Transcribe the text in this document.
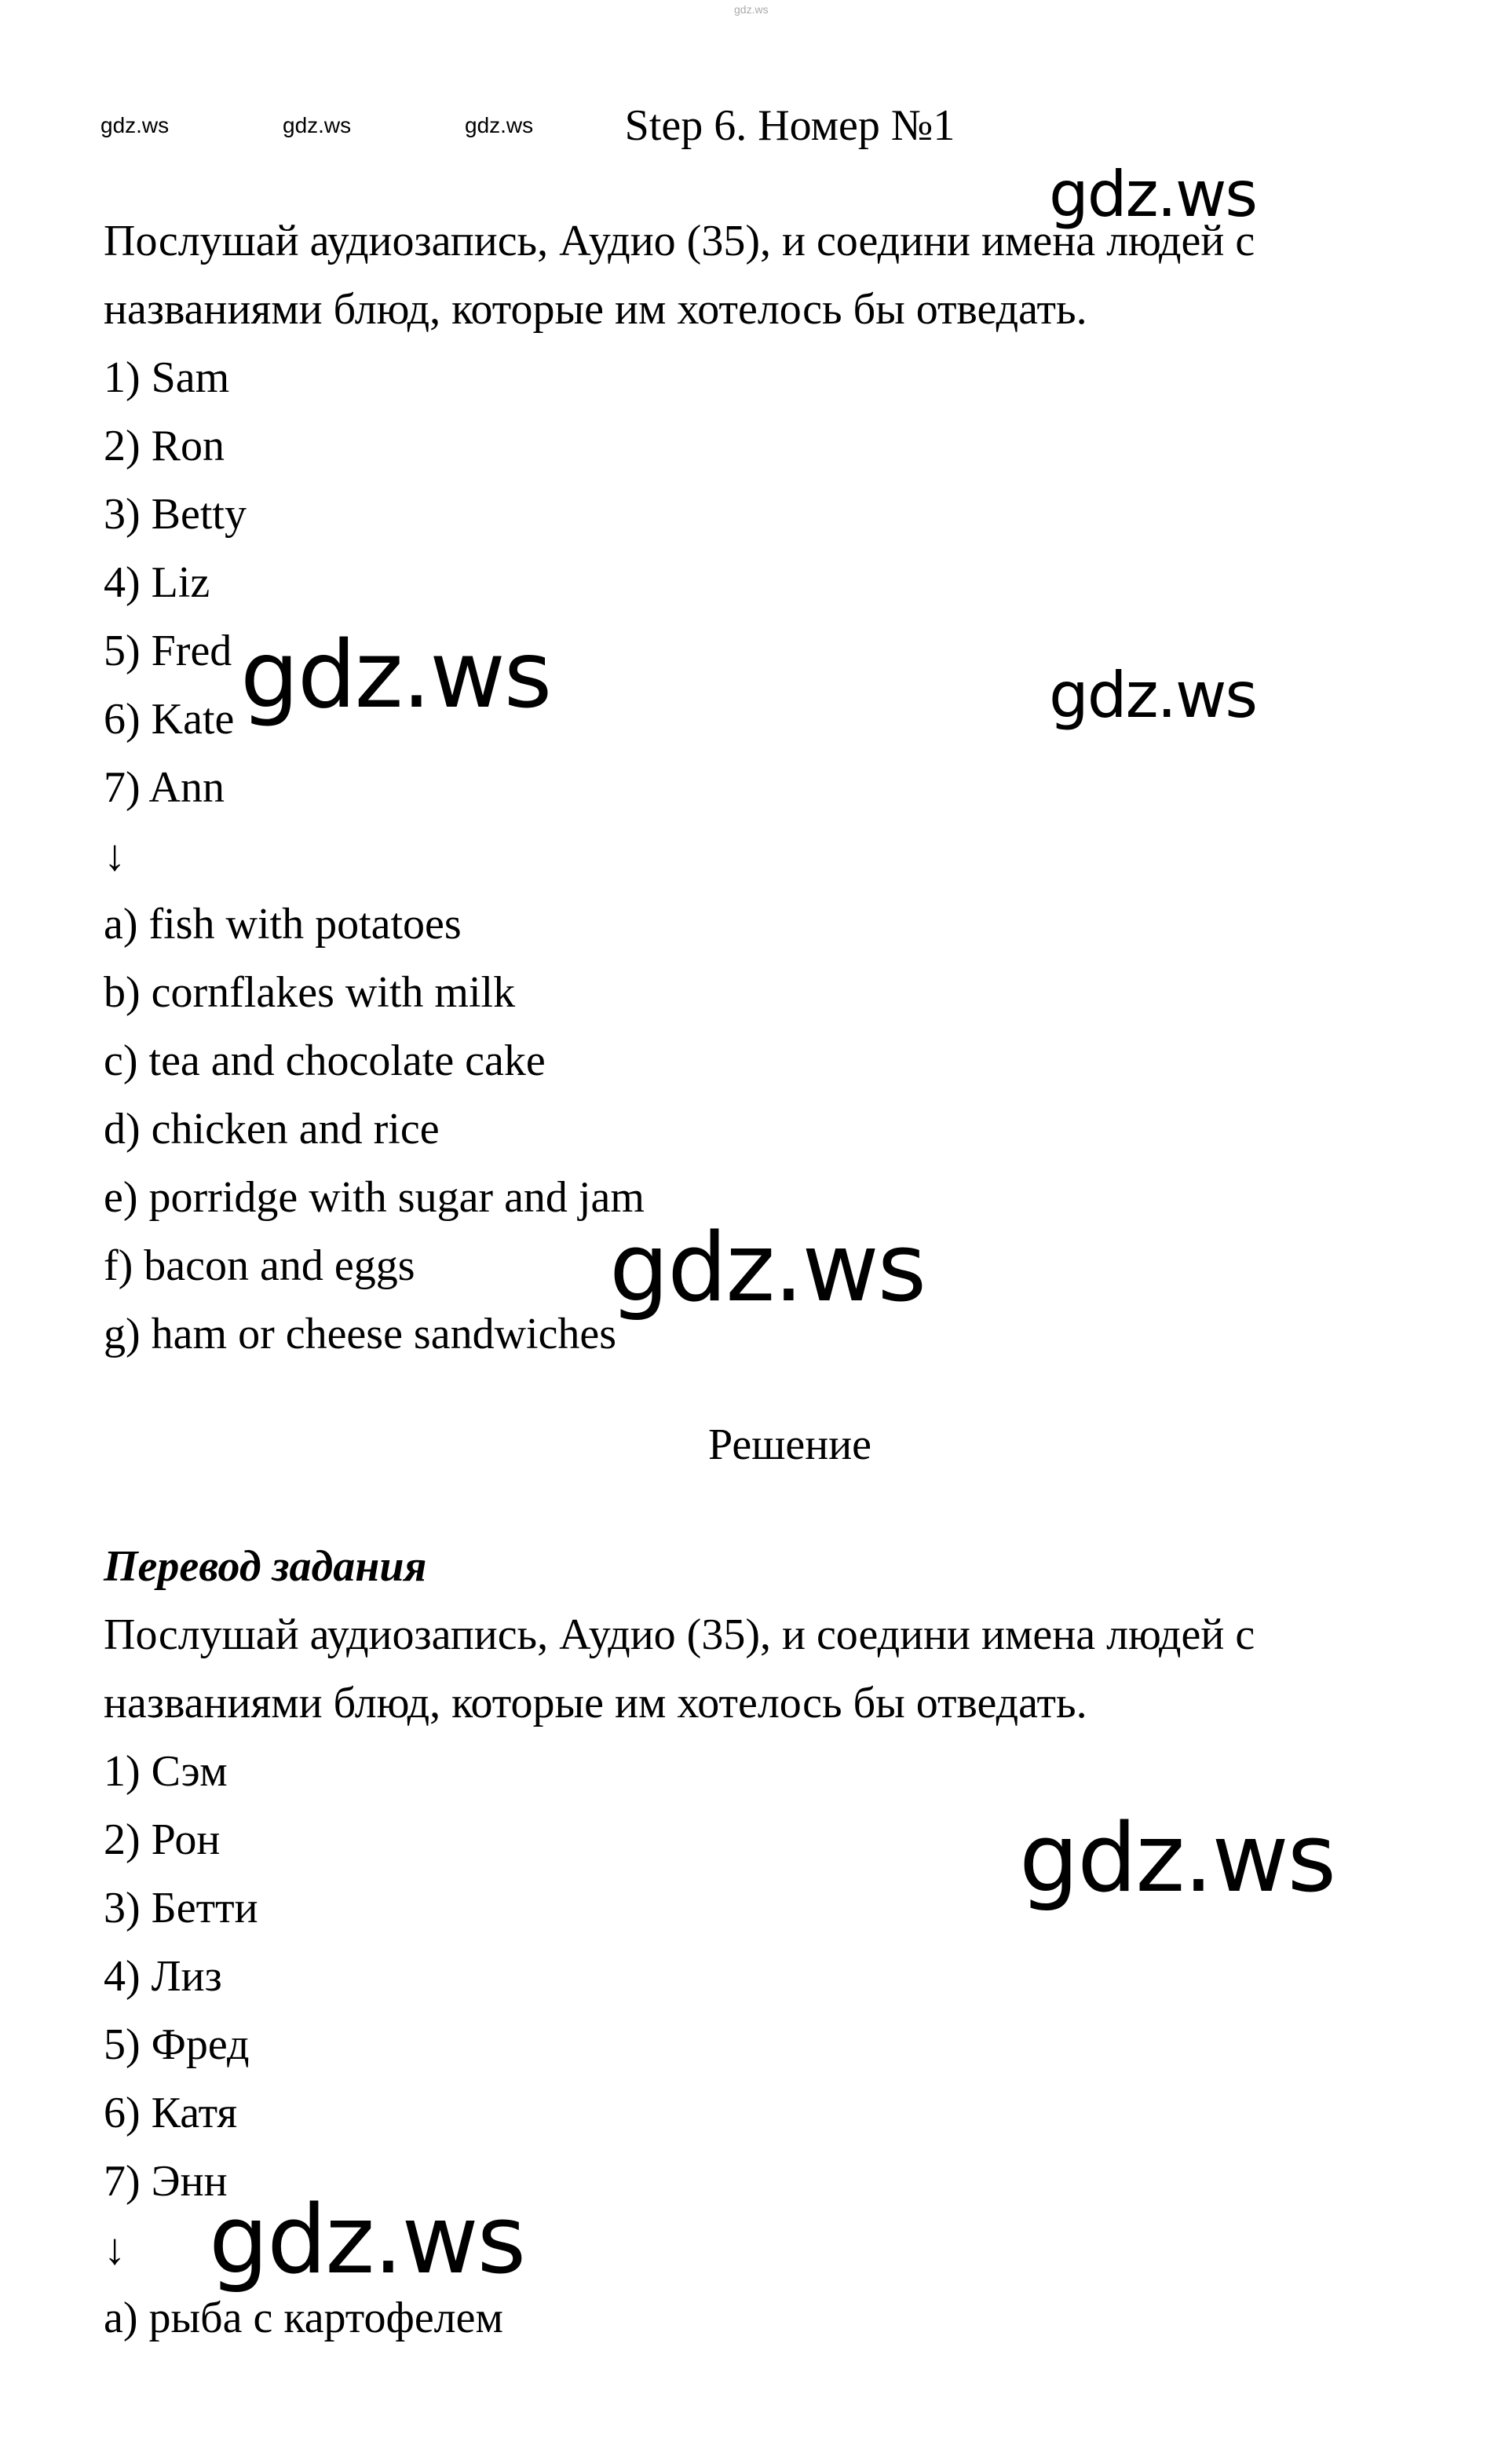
gdz.ws
gdz.ws	gdz.ws	gdz.ws	Step 6. Номер №1
Послушай аудиозапись, Аудио (35), и соедини имена людей с
названиями блюд, которые им хотелось бы отведать.
1) Sam
2) Ron
3) Betty
4) Liz
5) Fred
6) Kate
7) Ann
↓
a) fish with potatoes
b) cornflakes with milk
c) tea and chocolate cake
d) chicken and rice
e) porridge with sugar and jam
f) bacon and eggs
g) ham or cheese sandwiches
Решение
Перевод задания
Послушай аудиозапись, Аудио (35), и соедини имена людей с
названиями блюд, которые им хотелось бы отведать.
1) Сэм
2) Рон
3) Бетти
4) Лиз
5) Фред
6) Катя
7) Энн
↓
a) рыба с картофелем
gdz.ws
gdz.ws	gdz.ws
gdz.ws
gdz.ws
gdz.ws
